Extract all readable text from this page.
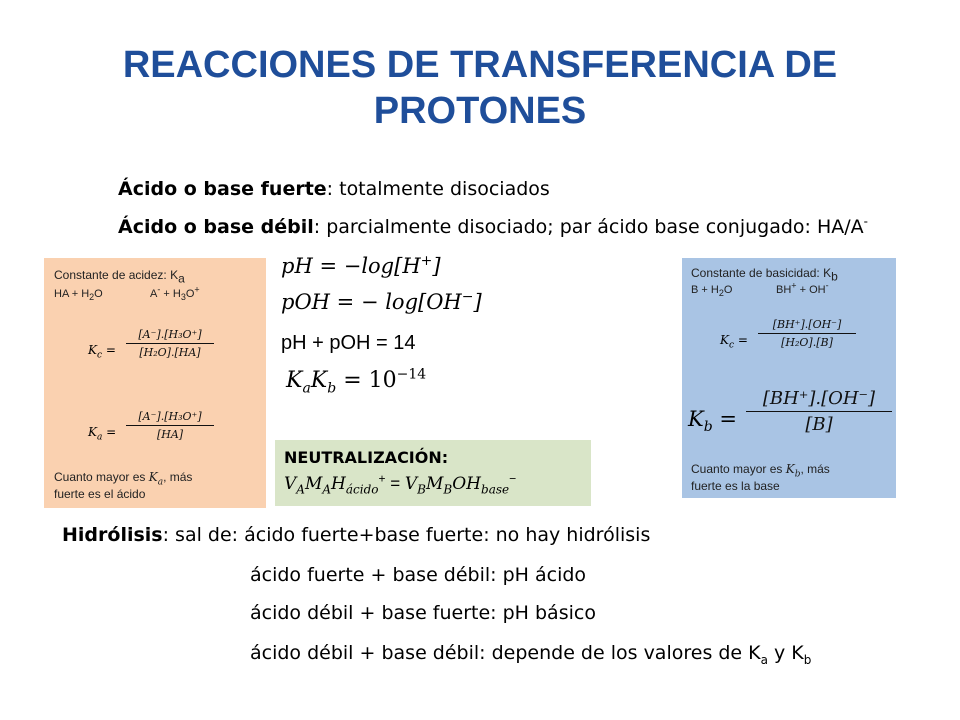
REACCIONES DE TRANSFERENCIA DE
PROTONES
Ácido o base fuerte: totalmente disociados
Ácido o base débil: parcialmente disociado; par ácido base conjugado: HA/A-
pH = −log[H+]
pOH = − log[OH−]
pH + pOH = 14
$K_aK_b = 10^{-14}$
Constante de acidez: Ka
HA + $H_2O$	$A^- + H_3O^+$
$K_c$ =
[A⁻].[H₃O⁺]
[H₂O].[HA]
$K_a$ =
[A⁻].[H₃O⁺]
[HA]
Cuanto mayor es $K_a$, más
fuerte es el ácido
Constante de basicidad: Kb
$B + H_2O$	BH+ + OH-
$K_c$ =
[BH⁺].[OH⁻]
[H₂O].[B]
$K_b$ =
[BH⁺].[OH⁻]
[B]
Cuanto mayor es $K_b$, más
fuerte es la base
NEUTRALIZACIÓN:
$V_AM_AH_{ácido}^+ = V_BM_BOH_{base}^-$
Hidrólisis: sal de: ácido fuerte+base fuerte: no hay hidrólisis
ácido fuerte + base débil: pH ácido
ácido débil + base fuerte: pH básico
ácido débil + base débil: depende de los valores de $K_a$ y $K_b$
